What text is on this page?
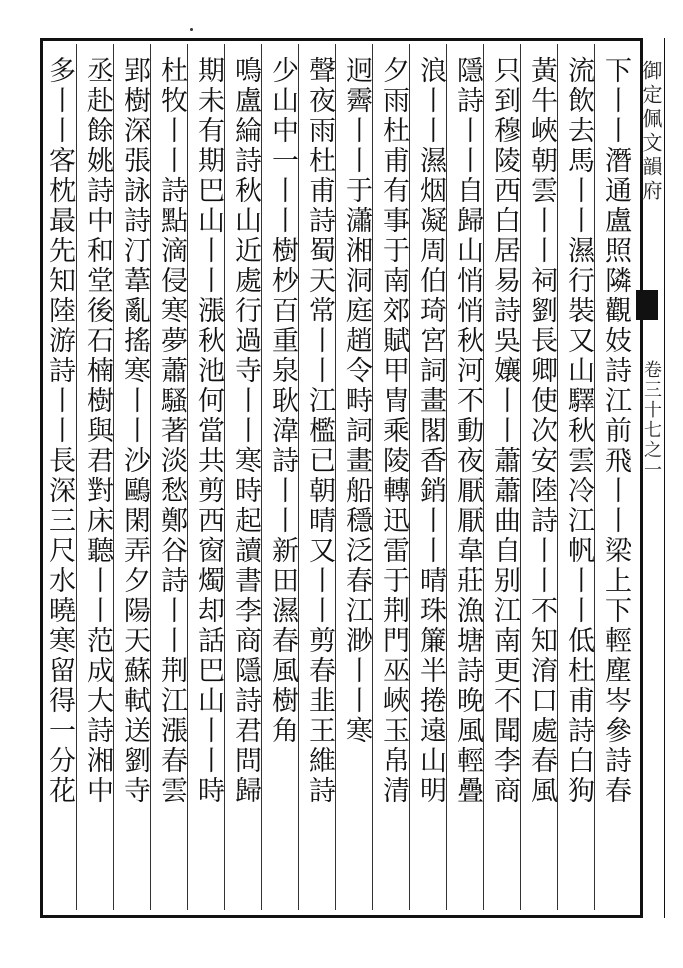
御定佩文韻府
卷三十七之一
下丨丨潛通盧照隣觀妓詩江前飛丨丨梁上下輕塵岑參詩春
流飲去馬丨丨濕行裝又山驛秋雲冷江帆丨丨低杜甫詩白狗
黃牛峽朝雲丨丨祠劉長卿使次安陸詩丨丨不知淯口處春風
只到穆陵西白居易詩吳孃丨丨蕭蕭曲自别江南更不聞李商
隱詩丨丨自歸山悄悄秋河不動夜厭厭韋莊漁塘詩晚風輕疊
浪丨丨濕烟凝周伯琦宮詞畫閣香銷丨丨晴珠簾半捲遠山明
夕雨杜甫有事于南郊賦甲冑乘陵轉迅雷于荆門巫峽玉帛清
迥霽丨丨于瀟湘洞庭趙令畤詞畫船穩泛春江渺丨丨寒
聲夜雨杜甫詩蜀天常丨丨江檻已朝晴又丨丨剪春韭王維詩
少山中一丨丨樹杪百重泉耿湋詩丨丨新田濕春風樹角
鳴盧綸詩秋山近處行過寺丨丨寒時起讀書李商隱詩君問歸
期未有期巴山丨丨漲秋池何當共剪西窗燭却話巴山丨丨時
杜牧丨丨詩點滴侵寒夢蕭騷著淡愁鄭谷詩丨丨荆江漲春雲
郢樹深張詠詩汀葦亂搖寒丨丨沙鷗閑弄夕陽天蘇軾送劉寺
丞赴餘姚詩中和堂後石楠樹與君對床聽丨丨范成大詩湘中
多丨丨客枕最先知陸游詩丨丨長深三尺水曉寒留得一分花
